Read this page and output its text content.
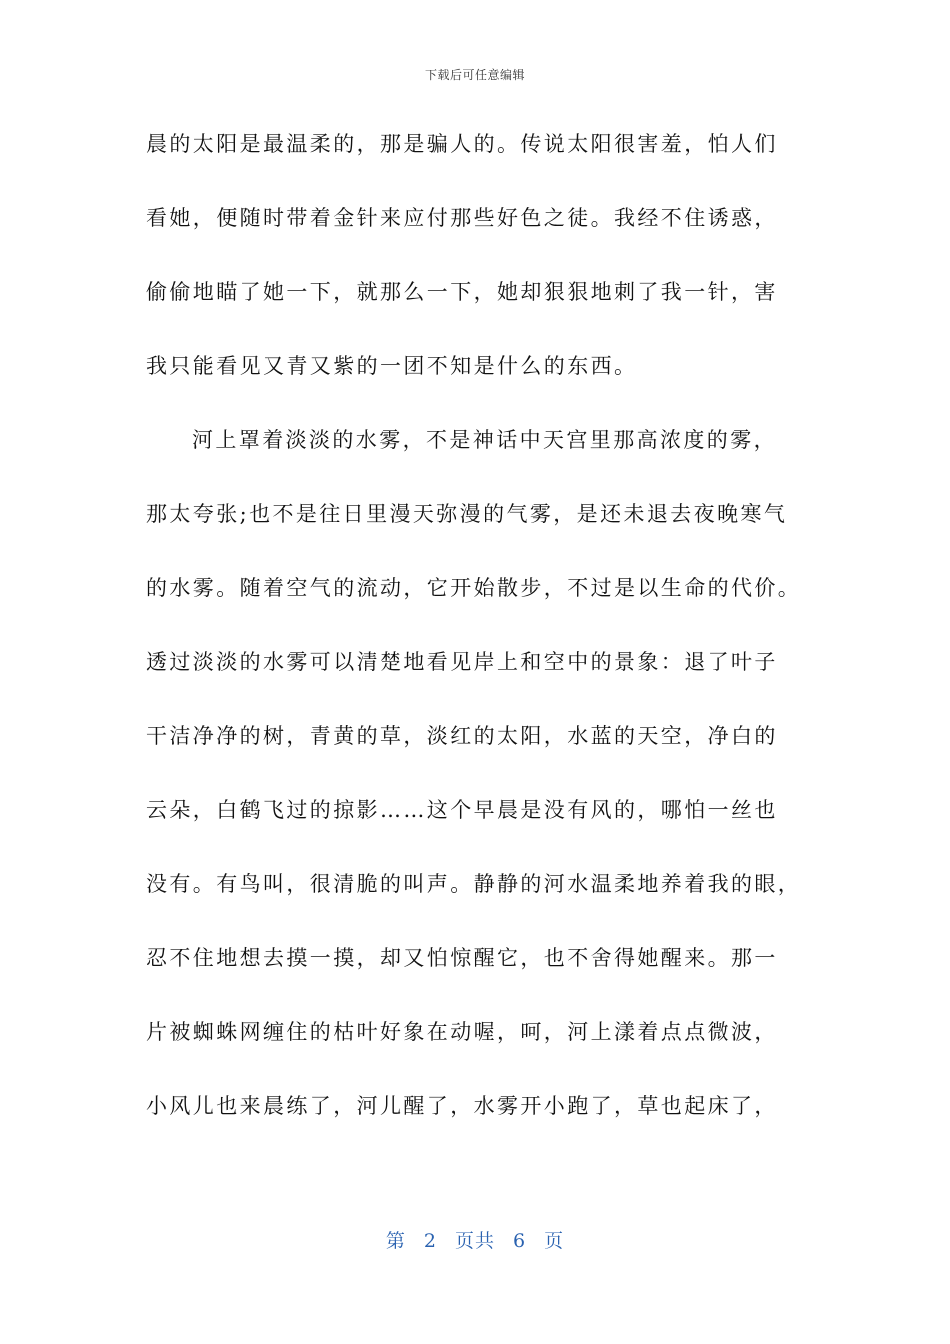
下载后可任意编辑
晨的太阳是最温柔的，那是骗人的。传说太阳很害羞，怕人们
看她，便随时带着金针来应付那些好色之徒。我经不住诱惑，
偷偷地瞄了她一下，就那么一下，她却狠狠地刺了我一针，害
我只能看见又青又紫的一团不知是什么的东西。
河上罩着淡淡的水雾，不是神话中天宫里那高浓度的雾，
那太夸张;也不是往日里漫天弥漫的气雾，是还未退去夜晚寒气
的水雾。随着空气的流动，它开始散步，不过是以生命的代价。
透过淡淡的水雾可以清楚地看见岸上和空中的景象：退了叶子
干洁净净的树，青黄的草，淡红的太阳，水蓝的天空，净白的
云朵，白鹤飞过的掠影……这个早晨是没有风的，哪怕一丝也
没有。有鸟叫，很清脆的叫声。静静的河水温柔地养着我的眼，
忍不住地想去摸一摸，却又怕惊醒它，也不舍得她醒来。那一
片被蜘蛛网缠住的枯叶好象在动喔，呵，河上漾着点点微波，
小风儿也来晨练了，河儿醒了，水雾开小跑了，草也起床了，
第 2 页共 6 页
